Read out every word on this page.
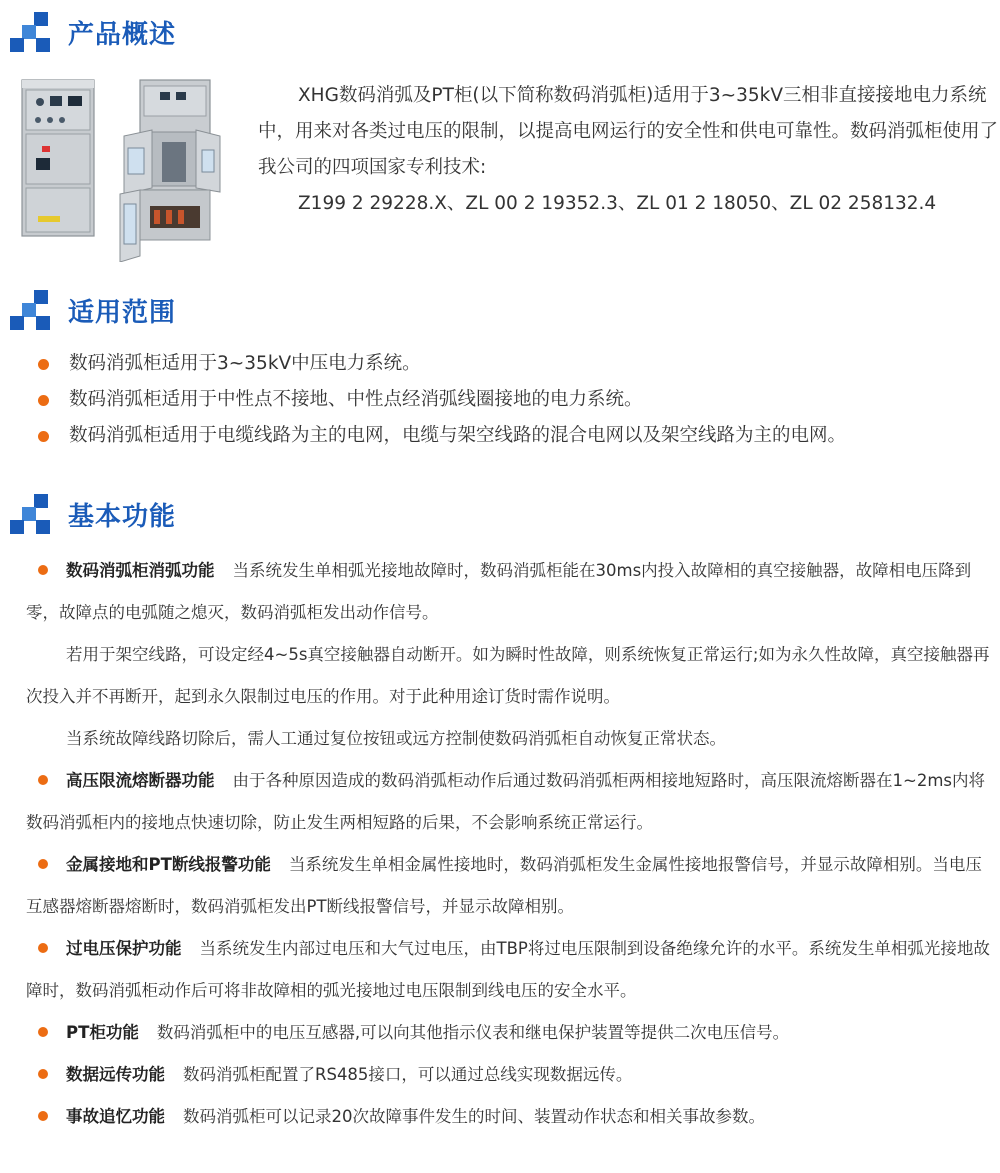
产品概述

XHG数码消弧及PT柜(以下简称数码消弧柜)适用于3~35kV三相非直接接地电力系统中，用来对各类过电压的限制，以提高电网运行的安全性和供电可靠性。数码消弧柜使用了我公司的四项国家专利技术:

Z199 2 29228.X、ZL 00 2 19352.3、ZL 01 2 18050、ZL 02 258132.4

适用范围
数码消弧柜适用于3~35kV中压电力系统。
数码消弧柜适用于中性点不接地、中性点经消弧线圈接地的电力系统。
数码消弧柜适用于电缆线路为主的电网，电缆与架空线路的混合电网以及架空线路为主的电网。
基本功能

数码消弧柜消弧功能 当系统发生单相弧光接地故障时，数码消弧柜能在30ms内投入故障相的真空接触器，故障相电压降到零，故障点的电弧随之熄灭，数码消弧柜发出动作信号。

若用于架空线路，可设定经4~5s真空接触器自动断开。如为瞬时性故障，则系统恢复正常运行;如为永久性故障，真空接触器再次投入并不再断开，起到永久限制过电压的作用。对于此种用途订货时需作说明。

当系统故障线路切除后，需人工通过复位按钮或远方控制使数码消弧柜自动恢复正常状态。

高压限流熔断器功能 由于各种原因造成的数码消弧柜动作后通过数码消弧柜两相接地短路时，高压限流熔断器在1~2ms内将数码消弧柜内的接地点快速切除，防止发生两相短路的后果，不会影响系统正常运行。

金属接地和PT断线报警功能 当系统发生单相金属性接地时，数码消弧柜发生金属性接地报警信号，并显示故障相别。当电压互感器熔断器熔断时，数码消弧柜发出PT断线报警信号，并显示故障相别。

过电压保护功能 当系统发生内部过电压和大气过电压，由TBP将过电压限制到设备绝缘允许的水平。系统发生单相弧光接地故障时，数码消弧柜动作后可将非故障相的弧光接地过电压限制到线电压的安全水平。

PT柜功能 数码消弧柜中的电压互感器,可以向其他指示仪表和继电保护装置等提供二次电压信号。

数据远传功能 数码消弧柜配置了RS485接口，可以通过总线实现数据远传。

事故追忆功能 数码消弧柜可以记录20次故障事件发生的时间、装置动作状态和相关事故参数。
